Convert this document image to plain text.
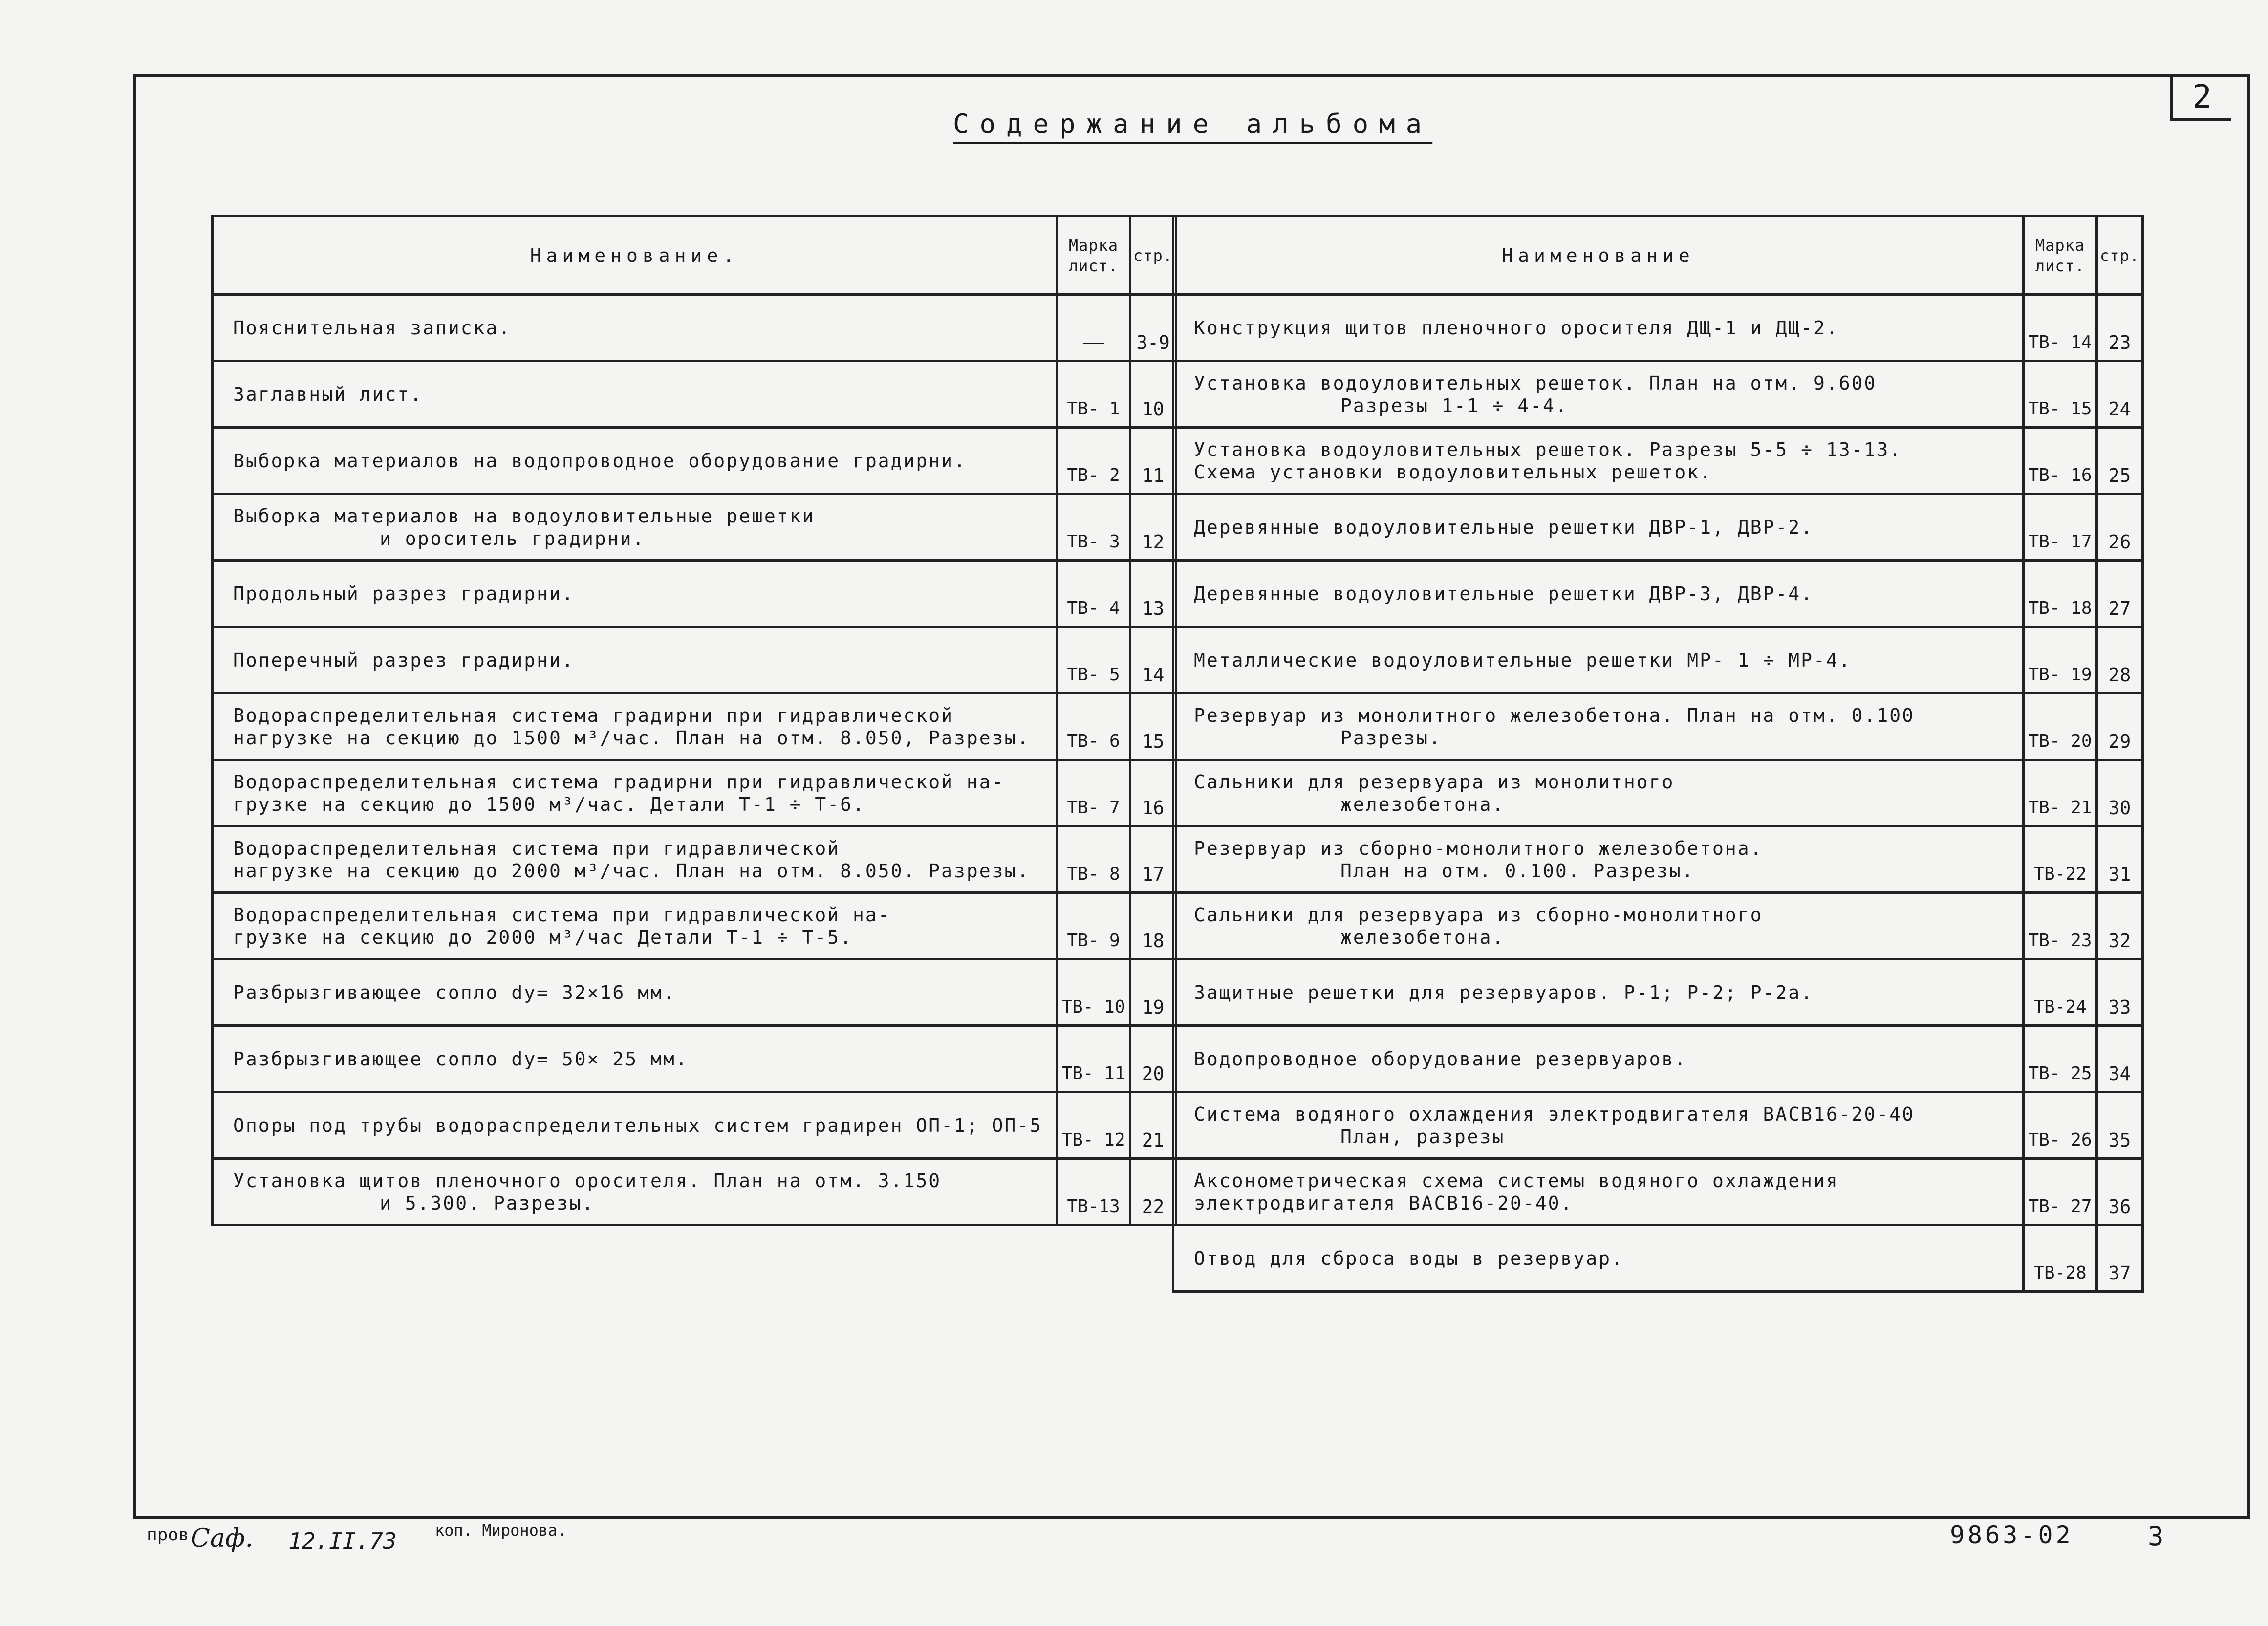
2
Содержание альбома
Наименование.	Марка лист.	стр.

Пояснительная записка.	——	3-9

Заглавный лист.	ТВ- 1	10

Выборка материалов на водопроводное оборудование градирни.	ТВ- 2	11

Выборка материалов на водоуловительные решетки
и ороситель градирни.	ТВ- 3	12

Продольный разрез градирни.	ТВ- 4	13

Поперечный разрез градирни.	ТВ- 5	14

Водораспределительная система градирни при гидравлической
нагрузке на секцию до 1500 м³/час. План на отм. 8.050, Разрезы.	ТВ- 6	15

Водораспределительная система градирни при гидравлической на-
грузке на секцию до 1500 м³/час. Детали Т-1 ÷ Т-6.	ТВ- 7	16

Водораспределительная система при гидравлической
нагрузке на секцию до 2000 м³/час. План на отм. 8.050. Разрезы.	ТВ- 8	17

Водораспределительная система при гидравлической на-
грузке на секцию до 2000 м³/час Детали Т-1 ÷ Т-5.	ТВ- 9	18

Разбрызгивающее сопло dу= 32×16 мм.	ТВ- 10	19

Разбрызгивающее сопло dу= 50× 25 мм.	ТВ- 11	20

Опоры под трубы водораспределительных систем градирен ОП-1; ОП-5	ТВ- 12	21

Установка щитов пленочного оросителя. План на отм. 3.150
и 5.300. Разрезы.	ТВ-13	22
Наименование	Марка лист.	стр.

Конструкция щитов пленочного оросителя ДЩ-1 и ДЩ-2.	ТВ- 14	23

Установка водоуловительных решеток. План на отм. 9.600
Разрезы 1-1 ÷ 4-4.	ТВ- 15	24

Установка водоуловительных решеток. Разрезы 5-5 ÷ 13-13.
Схема установки водоуловительных решеток.	ТВ- 16	25

Деревянные водоуловительные решетки ДВР-1, ДВР-2.	ТВ- 17	26

Деревянные водоуловительные решетки ДВР-3, ДВР-4.	ТВ- 18	27

Металлические водоуловительные решетки МР- 1 ÷ МР-4.	ТВ- 19	28

Резервуар из монолитного железобетона. План на отм. 0.100
Разрезы.	ТВ- 20	29

Сальники для резервуара из монолитного
железобетона.	ТВ- 21	30

Резервуар из сборно-монолитного железобетона.
План на отм. 0.100. Разрезы.	ТВ-22	31

Сальники для резервуара из сборно-монолитного
железобетона.	ТВ- 23	32

Защитные решетки для резервуаров. Р-1; Р-2; Р-2а.	ТВ-24	33

Водопроводное оборудование резервуаров.	ТВ- 25	34

Система водяного охлаждения электродвигателя ВАСВ16-20-40
План, разрезы	ТВ- 26	35

Аксонометрическая схема системы водяного охлаждения
электродвигателя ВАСВ16-20-40.	ТВ- 27	36

Отвод для сброса воды в резервуар.	ТВ-28	37
пров Саф. 12.II.73 коп. Миронова.	9863-02	3
